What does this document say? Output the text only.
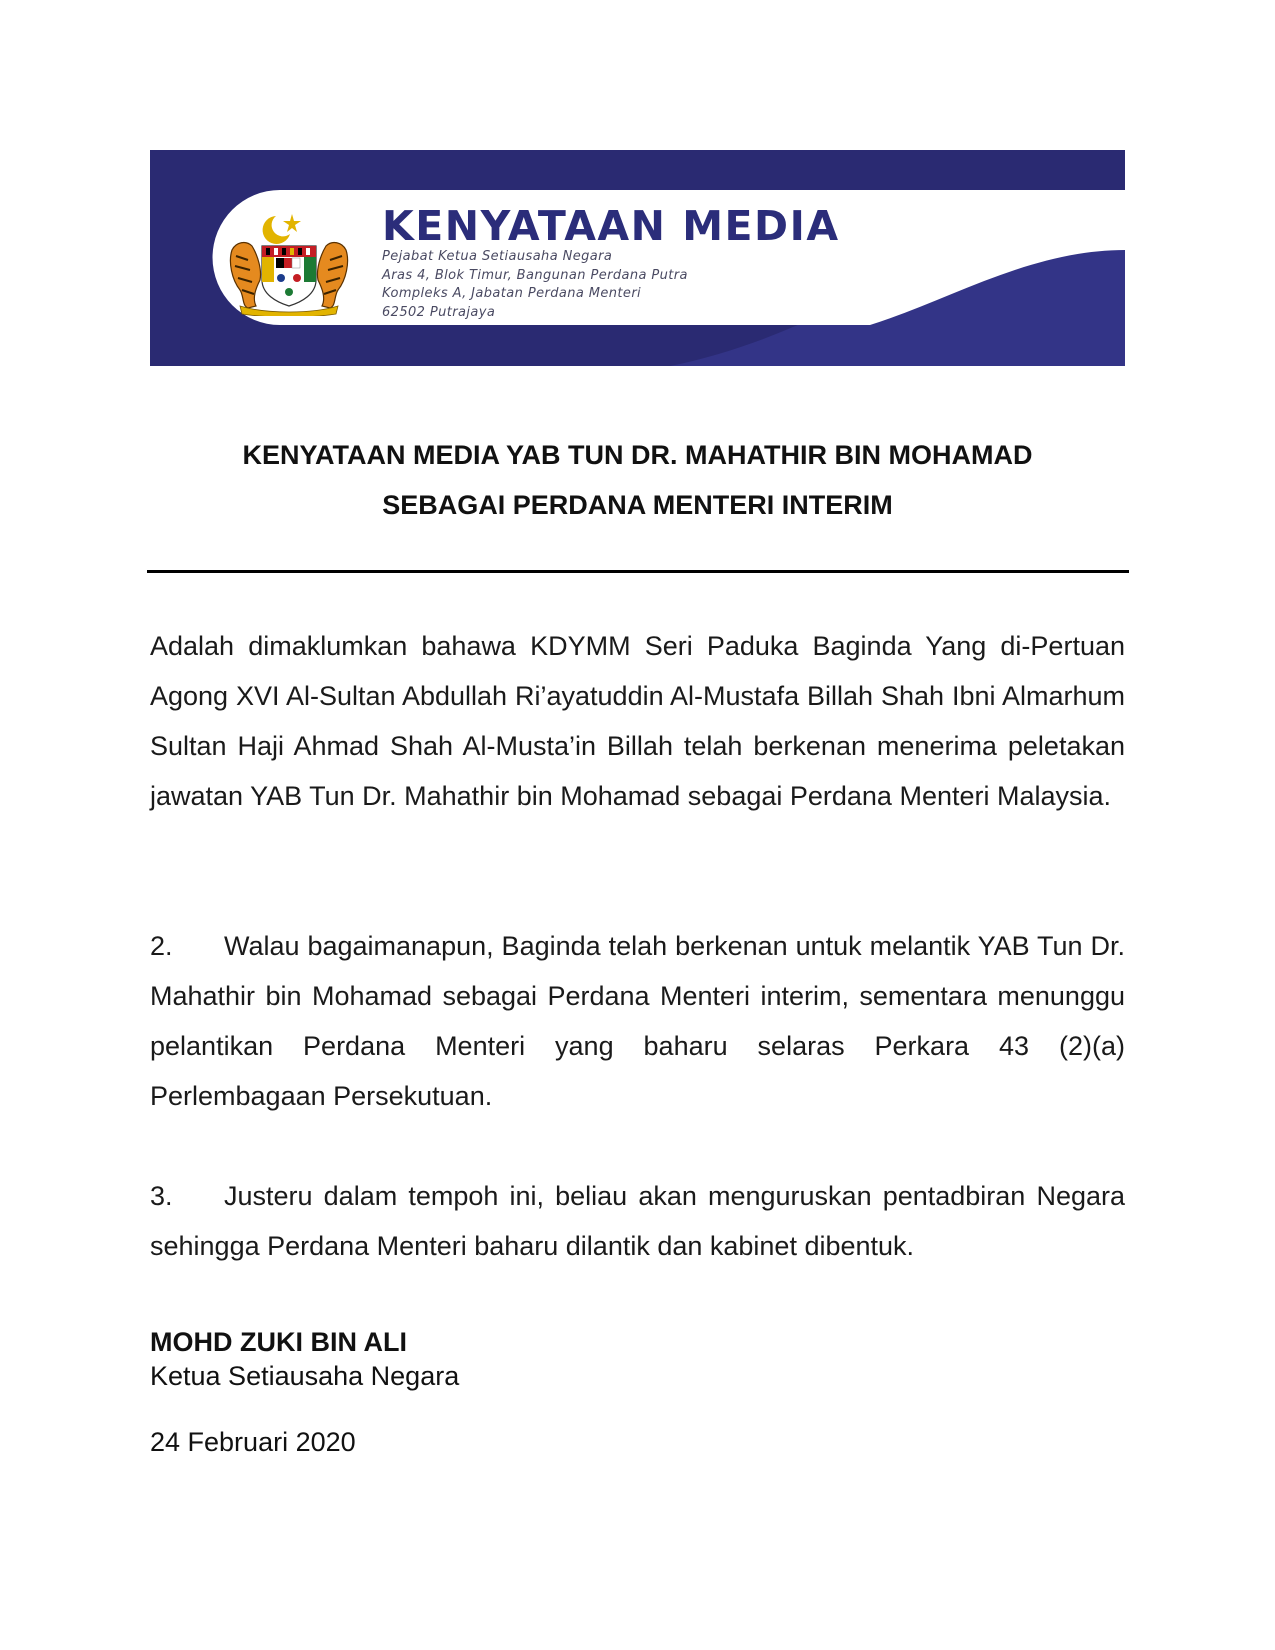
KENYATAAN MEDIA
Pejabat Ketua Setiausaha Negara
Aras 4, Blok Timur, Bangunan Perdana Putra
Kompleks A, Jabatan Perdana Menteri
62502 Putrajaya
KENYATAAN MEDIA YAB TUN DR. MAHATHIR BIN MOHAMAD
SEBAGAI PERDANA MENTERI INTERIM
Adalah dimaklumkan bahawa KDYMM Seri Paduka Baginda Yang di-Pertuan Agong XVI Al-Sultan Abdullah Ri’ayatuddin Al-Mustafa Billah Shah Ibni Almarhum Sultan Haji Ahmad Shah Al-Musta’in Billah telah berkenan menerima peletakan jawatan YAB Tun Dr. Mahathir bin Mohamad sebagai Perdana Menteri Malaysia.
2. Walau bagaimanapun, Baginda telah berkenan untuk melantik YAB Tun Dr. Mahathir bin Mohamad sebagai Perdana Menteri interim, sementara menunggu pelantikan Perdana Menteri yang baharu selaras Perkara 43 (2)(a) Perlembagaan Persekutuan.
3. Justeru dalam tempoh ini, beliau akan menguruskan pentadbiran Negara sehingga Perdana Menteri baharu dilantik dan kabinet dibentuk.
MOHD ZUKI BIN ALI
Ketua Setiausaha Negara
24 Februari 2020
